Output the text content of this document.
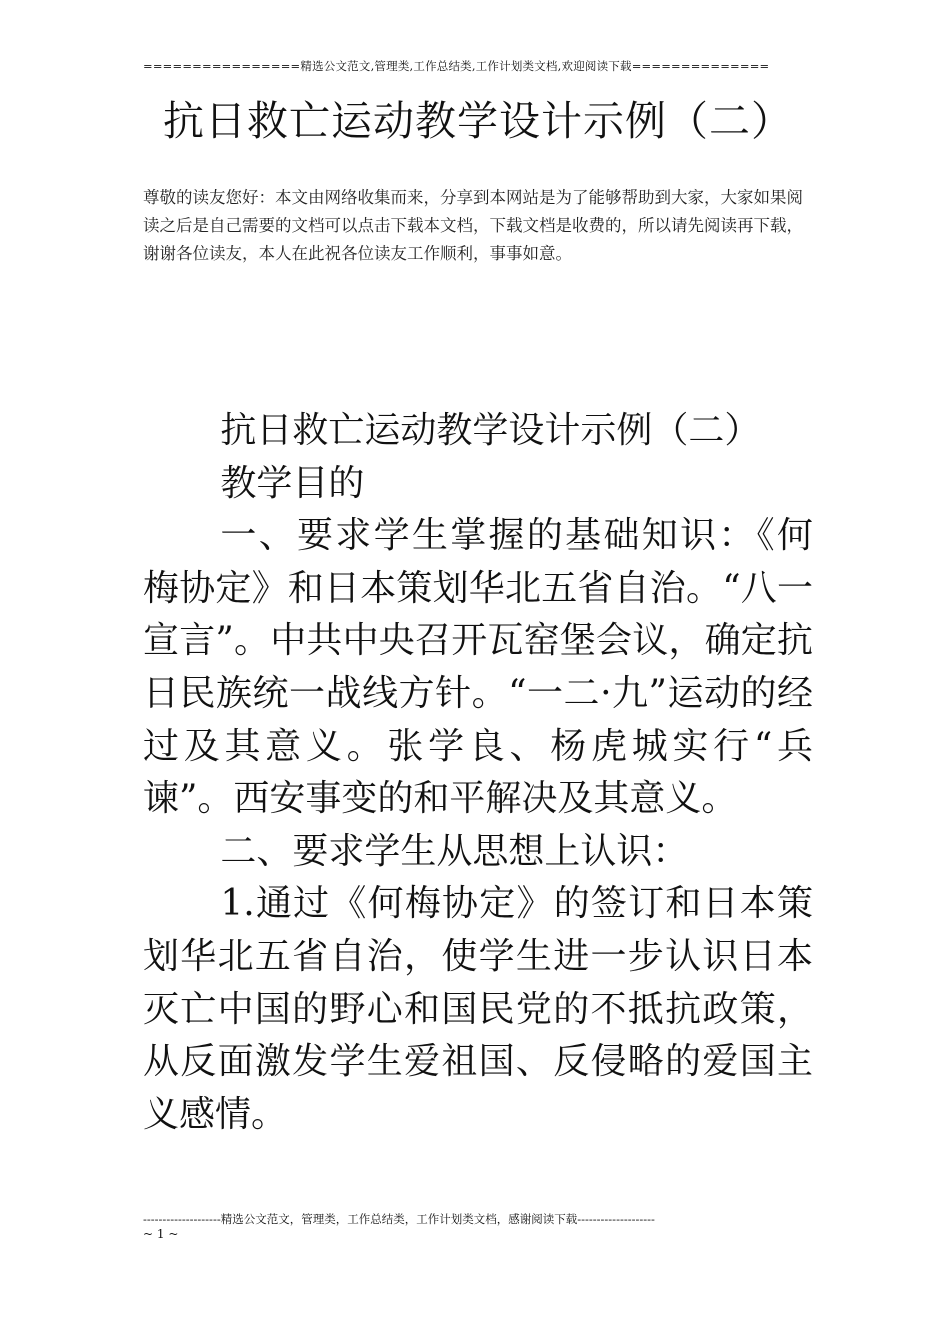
================精选公文范文,管理类,工作总结类,工作计划类文档,欢迎阅读下载==============
抗日救亡运动教学设计示例（二）
尊敬的读友您好：本文由网络收集而来，分享到本网站是为了能够帮助到大家，大家如果阅读之后是自己需要的文档可以点击下载本文档，下载文档是收费的，所以请先阅读再下载，谢谢各位读友，本人在此祝各位读友工作顺利，事事如意。

抗日救亡运动教学设计示例（二）

教学目的

一、要求学生掌握的基础知识：《何梅协定》和日本策划华北五省自治。“八一宣言”。中共中央召开瓦窑堡会议，确定抗日民族统一战线方针。“一二·九”运动的经过及其意义。张学良、杨虎城实行“兵谏”。西安事变的和平解决及其意义。

二、要求学生从思想上认识：

1.通过《何梅协定》的签订和日本策划华北五省自治，使学生进一步认识日本灭亡中国的野心和国民党的不抵抗政策，从反面激发学生爱祖国、反侵略的爱国主义感情。

--------------------精选公文范文，管理类，工作总结类，工作计划类文档，感谢阅读下载--------------------
~ 1 ~
